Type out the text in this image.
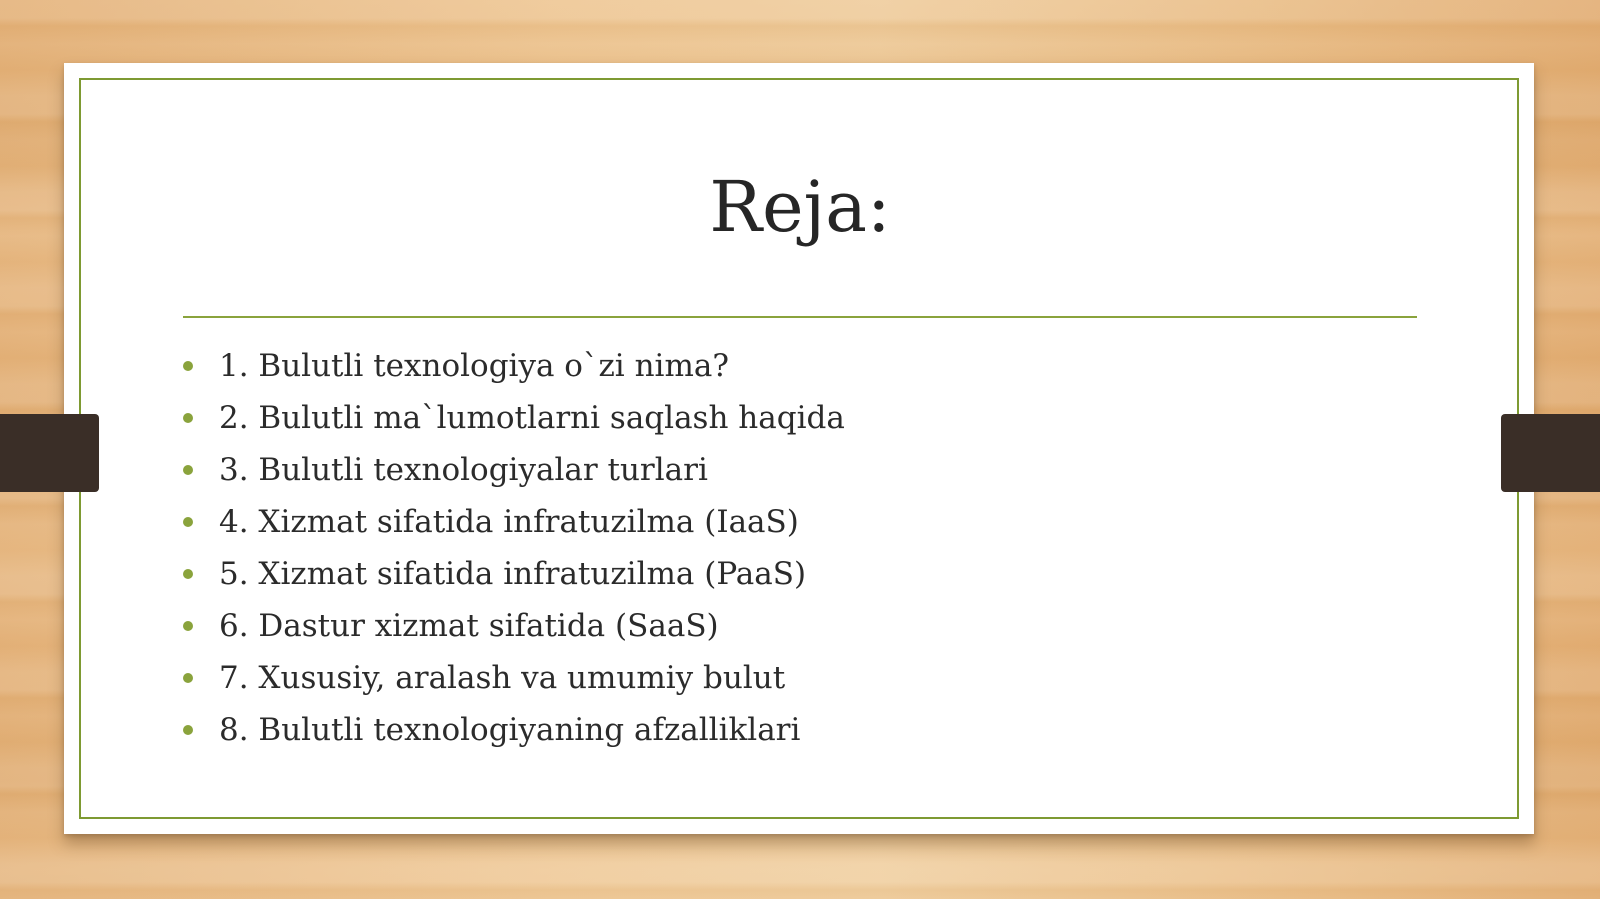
Reja:
1. Bulutli texnologiya o`zi nima?
2. Bulutli ma`lumotlarni saqlash haqida
3. Bulutli texnologiyalar turlari
4. Xizmat sifatida infratuzilma (IaaS)
5. Xizmat sifatida infratuzilma (PaaS)
6. Dastur xizmat sifatida (SaaS)
7. Xususiy, aralash va umumiy bulut
8. Bulutli texnologiyaning afzalliklari
